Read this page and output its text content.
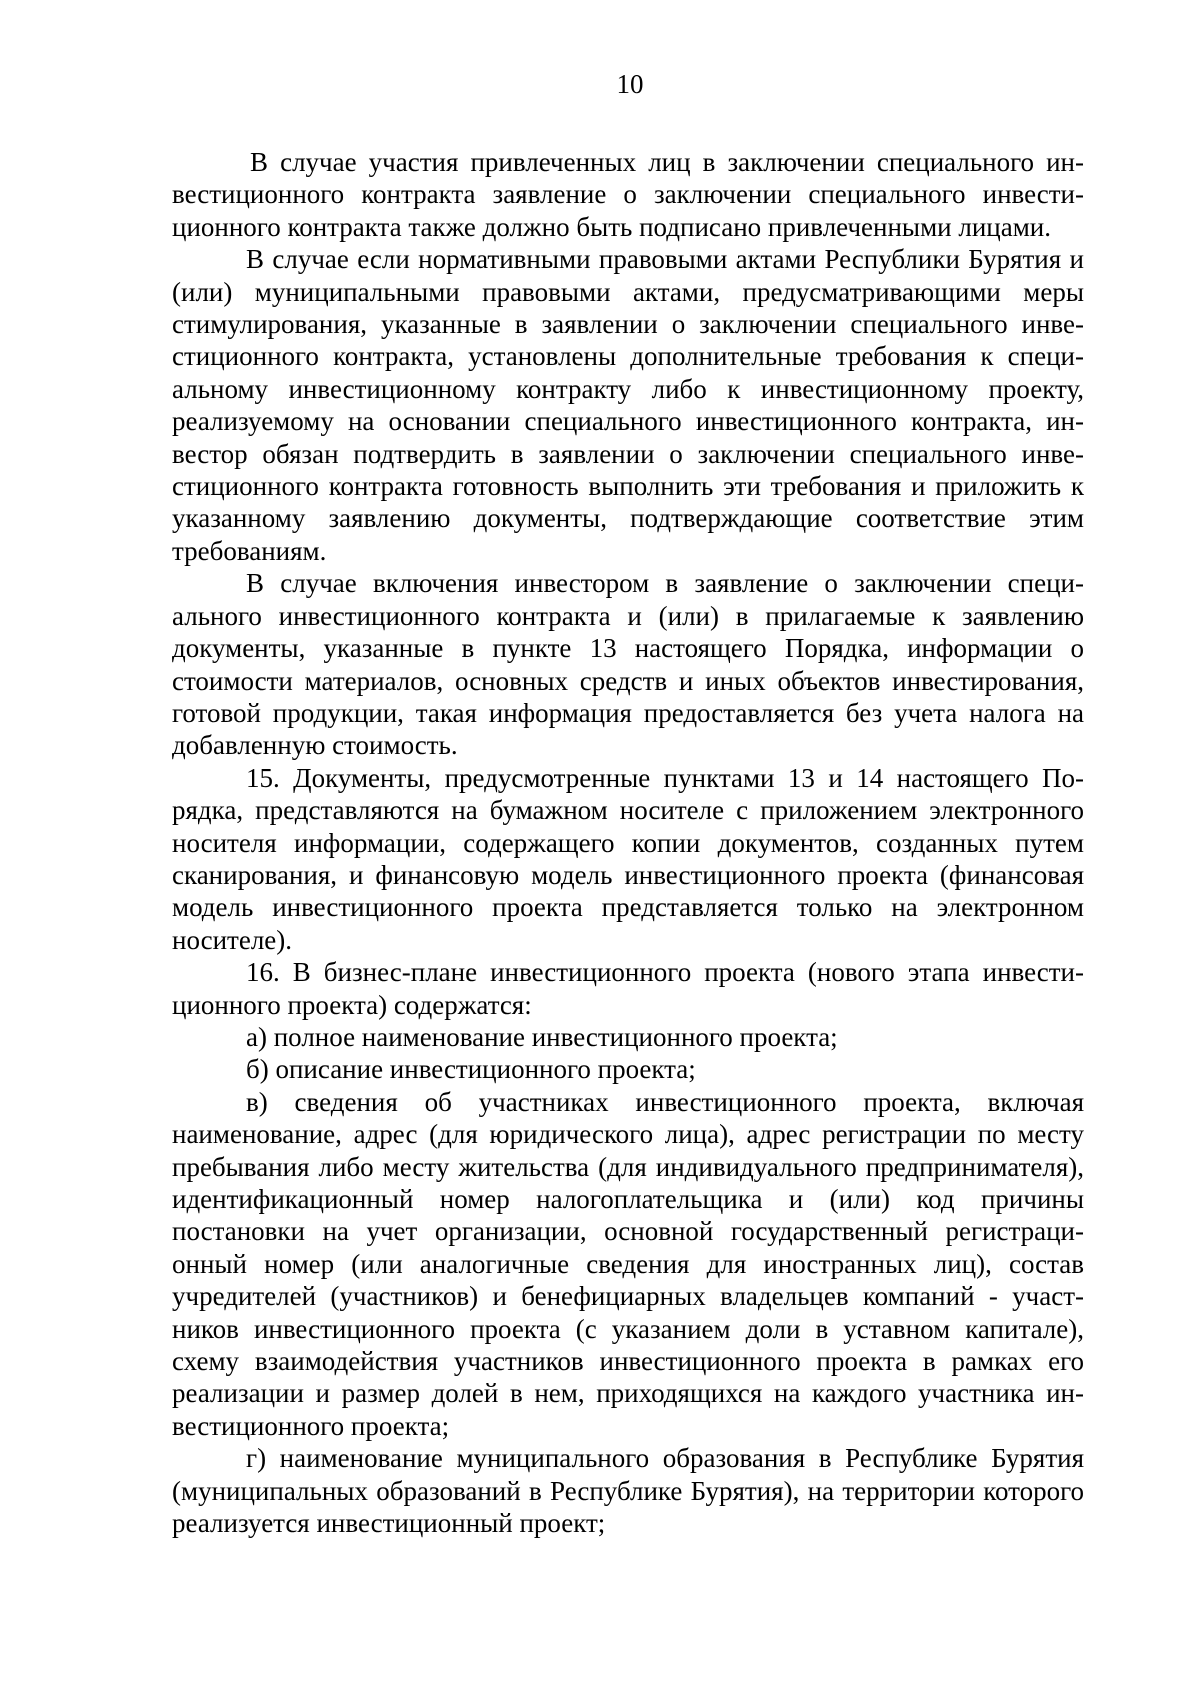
10

В случае участия привлеченных лиц в заключении специального инвестиционного контракта заявление о заключении специального инвестиционного контракта также должно быть подписано привлеченными лицами.

В случае если нормативными правовыми актами Республики Бурятия и (или) муниципальными правовыми актами, предусматривающими меры стимулирования, указанные в заявлении о заключении специального инвестиционного контракта, установлены дополнительные требования к специальному инвестиционному контракту либо к инвестиционному проекту, реализуемому на основании специального инвестиционного контракта, инвестор обязан подтвердить в заявлении о заключении специального инвестиционного контракта готовность выполнить эти требования и приложить к указанному заявлению документы, подтверждающие соответствие этим требованиям.

В случае включения инвестором в заявление о заключении специального инвестиционного контракта и (или) в прилагаемые к заявлению документы, указанные в пункте 13 настоящего Порядка, информации о стоимости материалов, основных средств и иных объектов инвестирования, готовой продукции, такая информация предоставляется без учета налога на добавленную стоимость.

15. Документы, предусмотренные пунктами 13 и 14 настоящего Порядка, представляются на бумажном носителе с приложением электронного носителя информации, содержащего копии документов, созданных путем сканирования, и финансовую модель инвестиционного проекта (финансовая модель инвестиционного проекта представляется только на электронном носителе).

16. В бизнес-плане инвестиционного проекта (нового этапа инвестиционного проекта) содержатся:

а) полное наименование инвестиционного проекта;

б) описание инвестиционного проекта;

в) сведения об участниках инвестиционного проекта, включая наименование, адрес (для юридического лица), адрес регистрации по месту пребывания либо месту жительства (для индивидуального предпринимателя), идентификационный номер налогоплательщика и (или) код причины постановки на учет организации, основной государственный регистрационный номер (или аналогичные сведения для иностранных лиц), состав учредителей (участников) и бенефициарных владельцев компаний - участников инвестиционного проекта (с указанием доли в уставном капитале), схему взаимодействия участников инвестиционного проекта в рамках его реализации и размер долей в нем, приходящихся на каждого участника инвестиционного проекта;

г) наименование муниципального образования в Республике Бурятия (муниципальных образований в Республике Бурятия), на территории которого реализуется инвестиционный проект;
